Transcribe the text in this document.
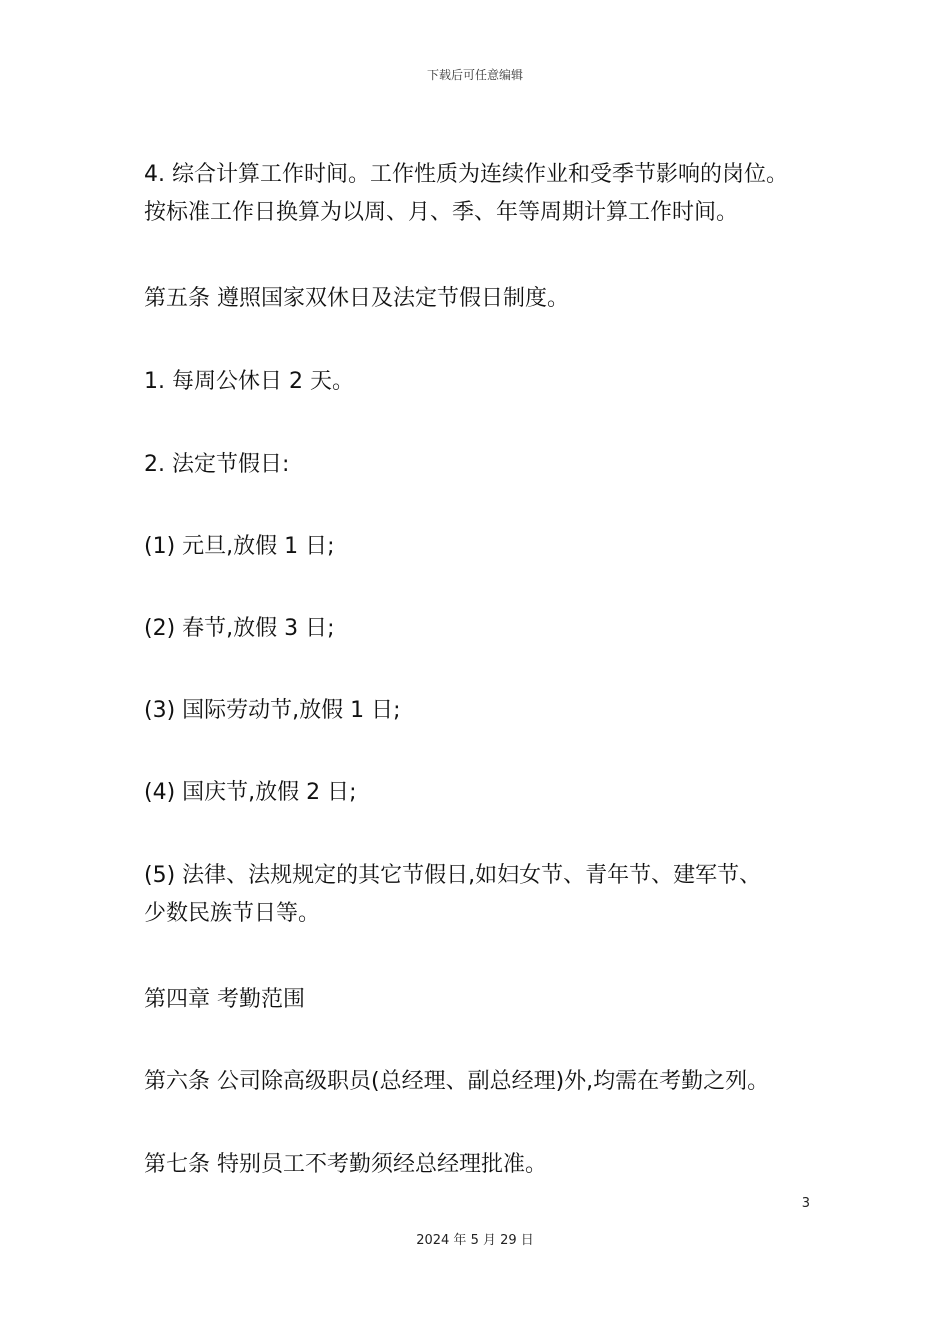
下载后可任意编辑
4. 综合计算工作时间。工作性质为连续作业和受季节影响的岗位。
按标准工作日换算为以周、月、季、年等周期计算工作时间。
第五条 遵照国家双休日及法定节假日制度。
1. 每周公休日 2 天。
2. 法定节假日:
(1) 元旦,放假 1 日;
(2) 春节,放假 3 日;
(3) 国际劳动节,放假 1 日;
(4) 国庆节,放假 2 日;
(5) 法律、法规规定的其它节假日,如妇女节、青年节、建军节、
少数民族节日等。
第四章 考勤范围
第六条 公司除高级职员(总经理、副总经理)外,均需在考勤之列。
第七条 特别员工不考勤须经总经理批准。
3
2024 年 5 月 29 日
